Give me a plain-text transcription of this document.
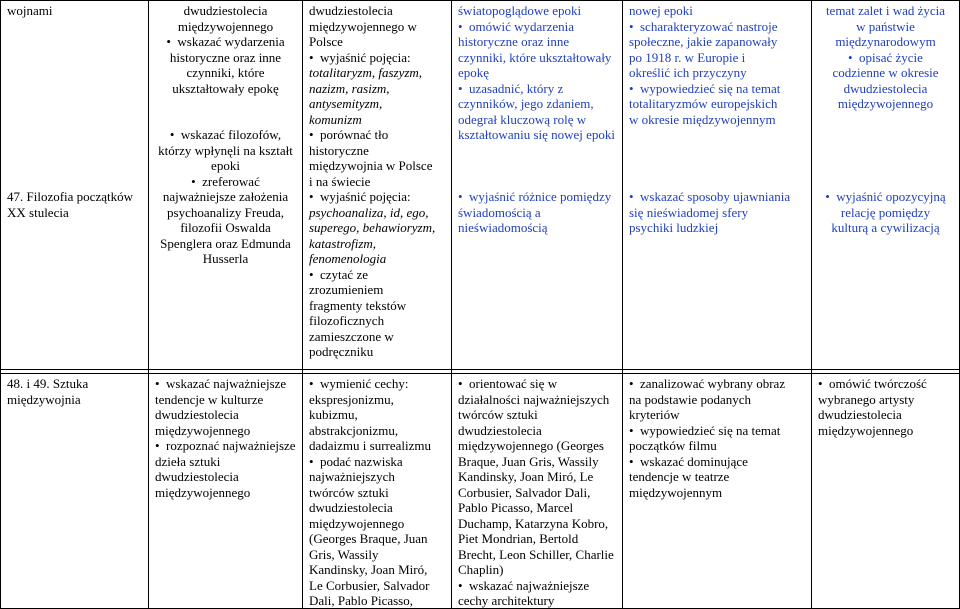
wojnami
47. Filozofia początków XX stulecia
dwudziestolecia
międzywojennego
• wskazać wydarzenia
historyczne oraz inne
czynniki, które
ukształtowały epokę
• wskazać filozofów,
którzy wpłynęli na kształt
epoki
• zreferować
najważniejsze założenia
psychoanalizy Freuda,
filozofii Oswalda
Spenglera oraz Edmunda
Husserla
dwudziestolecia
międzywojennego w
Polsce
• wyjaśnić pojęcia:
totalitaryzm, faszyzm,
nazizm, rasizm,
antysemityzm,
komunizm
• porównać tło
historyczne
międzywojnia w Polsce
i na świecie
• wyjaśnić pojęcia:
psychoanaliza, id, ego,
superego, behawioryzm,
katastrofizm,
fenomenologia
• czytać ze
zrozumieniem
fragmenty tekstów
filozoficznych
zamieszczone w
podręczniku
światopoglądowe epoki
• omówić wydarzenia
historyczne oraz inne
czynniki, które ukształtowały
epokę
• uzasadnić, który z
czynników, jego zdaniem,
odegrał kluczową rolę w
kształtowaniu się nowej epoki
• wyjaśnić różnice pomiędzy
świadomością a
nieświadomością
nowej epoki
• scharakteryzować nastroje
społeczne, jakie zapanowały
po 1918 r. w Europie i
określić ich przyczyny
• wypowiedzieć się na temat
totalitaryzmów europejskich
w okresie międzywojennym
• wskazać sposoby ujawniania
się nieświadomej sfery
psychiki ludzkiej
temat zalet i wad życia
w państwie
międzynarodowym
• opisać życie
codzienne w okresie
dwudziestolecia
międzywojennego
• wyjaśnić opozycyjną
relację pomiędzy
kulturą a cywilizacją
48. i 49. Sztuka międzywojnia
• wskazać najważniejsze
tendencje w kulturze
dwudziestolecia
międzywojennego
• rozpoznać najważniejsze
dzieła sztuki
dwudziestolecia
międzywojennego
• wymienić cechy:
ekspresjonizmu,
kubizmu,
abstrakcjonizmu,
dadaizmu i surrealizmu
• podać nazwiska
najważniejszych
twórców sztuki
dwudziestolecia
międzywojennego
(Georges Braque, Juan
Gris, Wassily
Kandinsky, Joan Miró,
Le Corbusier, Salvador
Dali, Pablo Picasso,
• orientować się w
działalności najważniejszych
twórców sztuki
dwudziestolecia
międzywojennego (Georges
Braque, Juan Gris, Wassily
Kandinsky, Joan Miró, Le
Corbusier, Salvador Dali,
Pablo Picasso, Marcel
Duchamp, Katarzyna Kobro,
Piet Mondrian, Bertold
Brecht, Leon Schiller, Charlie
Chaplin)
• wskazać najważniejsze
cechy architektury
• zanalizować wybrany obraz
na podstawie podanych
kryteriów
• wypowiedzieć się na temat
początków filmu
• wskazać dominujące
tendencje w teatrze
międzywojennym
• omówić twórczość
wybranego artysty
dwudziestolecia
międzywojennego
